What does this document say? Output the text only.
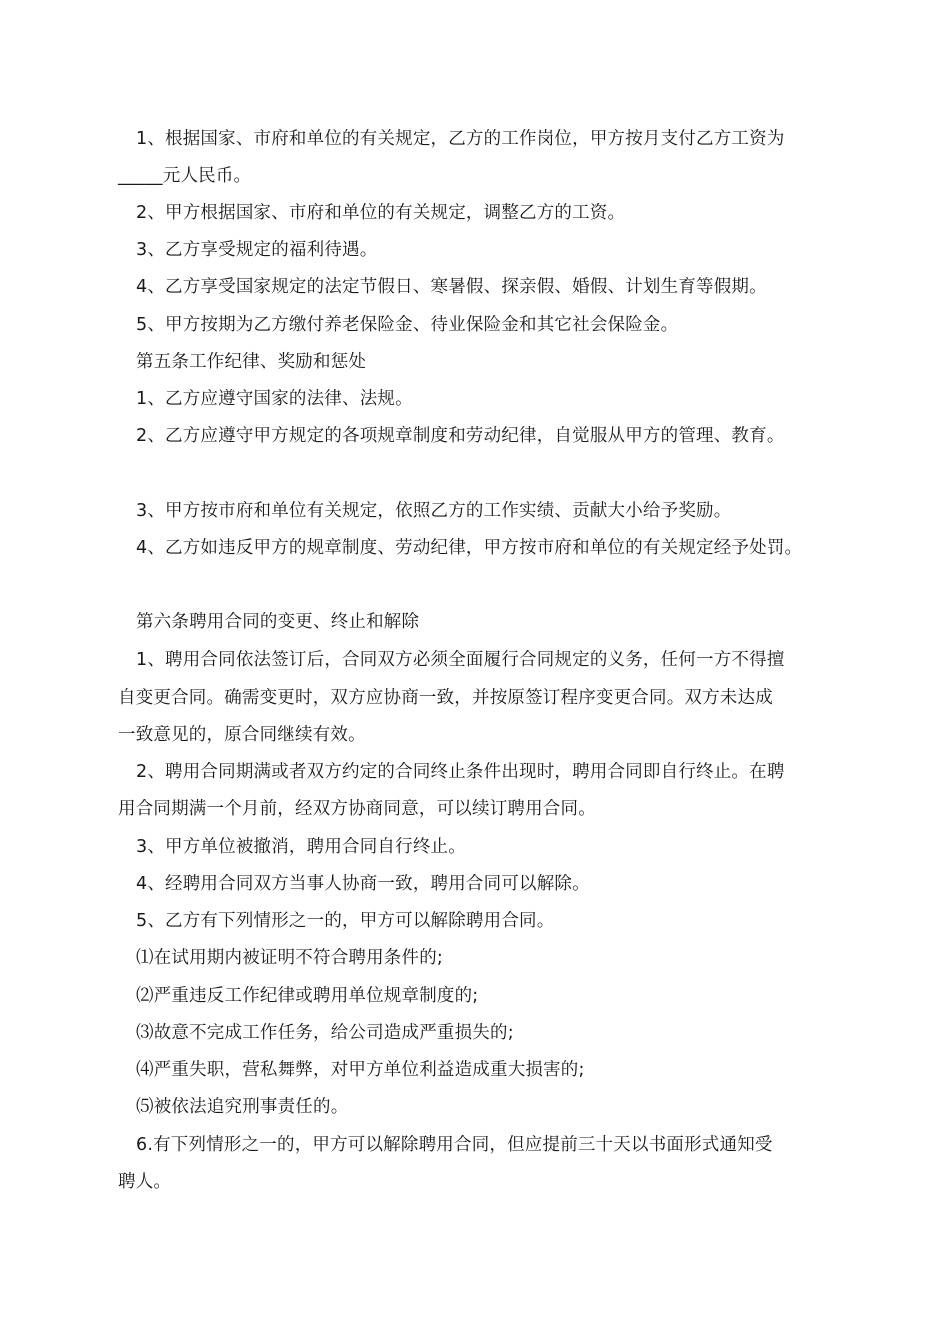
1、根据国家、市府和单位的有关规定，乙方的工作岗位，甲方按月支付乙方工资为
_____元人民币。
2、甲方根据国家、市府和单位的有关规定，调整乙方的工资。
3、乙方享受规定的福利待遇。
4、乙方享受国家规定的法定节假日、寒暑假、探亲假、婚假、计划生育等假期。
5、甲方按期为乙方缴付养老保险金、待业保险金和其它社会保险金。
第五条工作纪律、奖励和惩处
1、乙方应遵守国家的法律、法规。
2、乙方应遵守甲方规定的各项规章制度和劳动纪律，自觉服从甲方的管理、教育。
3、甲方按市府和单位有关规定，依照乙方的工作实绩、贡献大小给予奖励。
4、乙方如违反甲方的规章制度、劳动纪律，甲方按市府和单位的有关规定经予处罚。
第六条聘用合同的变更、终止和解除
1、聘用合同依法签订后，合同双方必须全面履行合同规定的义务，任何一方不得擅
自变更合同。确需变更时，双方应协商一致，并按原签订程序变更合同。双方未达成
一致意见的，原合同继续有效。
2、聘用合同期满或者双方约定的合同终止条件出现时，聘用合同即自行终止。在聘
用合同期满一个月前，经双方协商同意，可以续订聘用合同。
3、甲方单位被撤消，聘用合同自行终止。
4、经聘用合同双方当事人协商一致，聘用合同可以解除。
5、乙方有下列情形之一的，甲方可以解除聘用合同。
⑴在试用期内被证明不符合聘用条件的;
⑵严重违反工作纪律或聘用单位规章制度的;
⑶故意不完成工作任务，给公司造成严重损失的;
⑷严重失职，营私舞弊，对甲方单位利益造成重大损害的;
⑸被依法追究刑事责任的。
6.有下列情形之一的，甲方可以解除聘用合同，但应提前三十天以书面形式通知受
聘人。
